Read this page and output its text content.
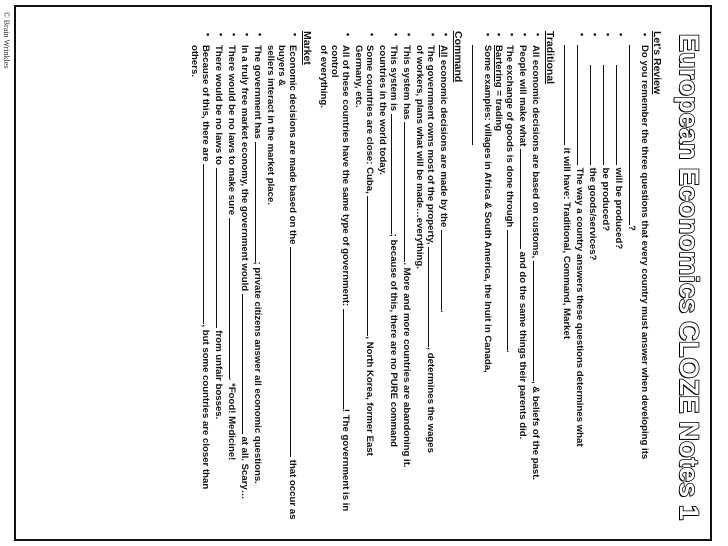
© Brain Wrinkles	European Economics CLOZE Notes 1
Let's Review
• Do you remember the three questions that every country must answer when developing its ?
• will be produced?
• be produced?
• the goods/services?
• The way a country answers these questions determines what  it will have: Traditional, Command, Market
Traditional
• All economic decisions are based on customs, , & beliefs of the past.
• People will make what  and do the same things their parents did.
• The exchange of goods is done through .
• Bartering = trading
• Some examples: villages in Africa & South America, the Inuit in Canada,
Command
• All economic decisions are made by the .
• The government owns most of the property, , determines the wages
of workers, plans what will be made…everything.
• This system has . More and more countries are abandoning it.
• This system is ; because of this, there are no PURE command
countries in the world today.
• Some countries are close: Cuba, , North Korea, former East
Germany, etc.
• All of these countries have the same type of government: ! The government is in control
of everything.
Market
• Economic decisions are made based on the  that occur as buyers &
sellers interact in the market place.
• The government has ; private citizens answer all economic questions.
• In a truly free market economy, the government would  at all. Scary…
• There would be no laws to make sure . *Food! Medicine!
• There would be no laws to  from unfair bosses.
• Because of this, there are , but some countries are closer than
others.
